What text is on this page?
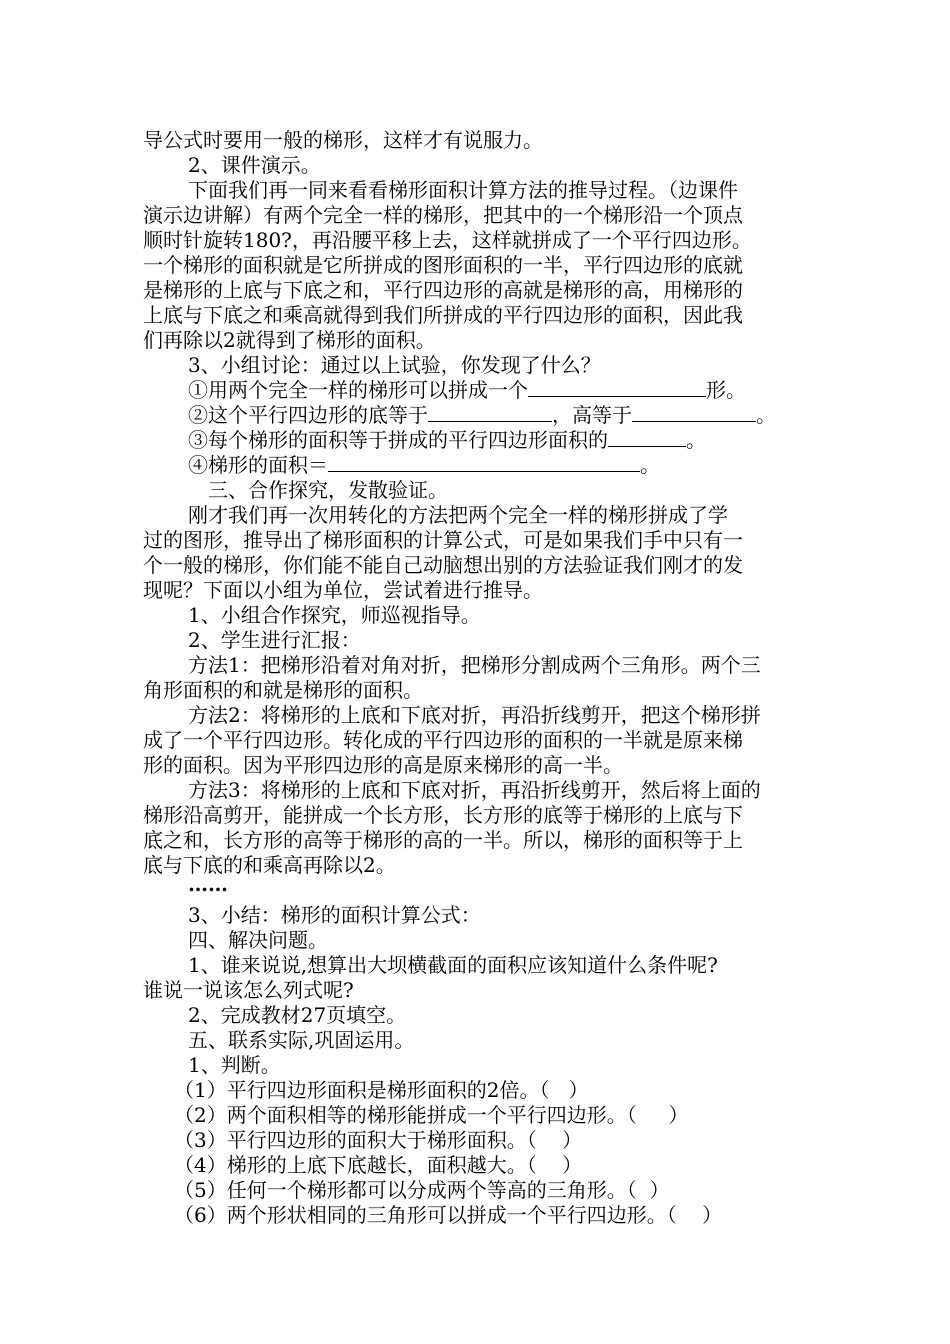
导公式时要用一般的梯形，这样才有说服力。
2、课件演示。
下面我们再一同来看看梯形面积计算方法的推导过程。（边课件
演示边讲解）有两个完全一样的梯形，把其中的一个梯形沿一个顶点
顺时针旋转180?，再沿腰平移上去，这样就拼成了一个平行四边形。
一个梯形的面积就是它所拼成的图形面积的一半，平行四边形的底就
是梯形的上底与下底之和，平行四边形的高就是梯形的高，用梯形的
上底与下底之和乘高就得到我们所拼成的平行四边形的面积，因此我
们再除以2就得到了梯形的面积。
3、小组讨论：通过以上试验，你发现了什么？
①用两个完全一样的梯形可以拼成一个	形。
②这个平行四边形的底等于	，高等于	。
③每个梯形的面积等于拼成的平行四边形面积的	。
④梯形的面积＝	。
三、合作探究，发散验证。
刚才我们再一次用转化的方法把两个完全一样的梯形拼成了学
过的图形，推导出了梯形面积的计算公式，可是如果我们手中只有一
个一般的梯形，你们能不能自己动脑想出别的方法验证我们刚才的发
现呢？下面以小组为单位，尝试着进行推导。
1、小组合作探究，师巡视指导。
2、学生进行汇报：
方法1：把梯形沿着对角对折，把梯形分割成两个三角形。两个三
角形面积的和就是梯形的面积。
方法2：将梯形的上底和下底对折，再沿折线剪开，把这个梯形拼
成了一个平行四边形。转化成的平行四边形的面积的一半就是原来梯
形的面积。因为平形四边形的高是原来梯形的高一半。
方法3：将梯形的上底和下底对折，再沿折线剪开，然后将上面的
梯形沿高剪开，能拼成一个长方形，长方形的底等于梯形的上底与下
底之和，长方形的高等于梯形的高的一半。所以，梯形的面积等于上
底与下底的和乘高再除以2。
……
3、小结：梯形的面积计算公式：
四、解决问题。
1、谁来说说,想算出大坝横截面的面积应该知道什么条件呢?
谁说一说该怎么列式呢?
2、完成教材27页填空。
五、联系实际,巩固运用。
1、判断。
（1）平行四边形面积是梯形面积的2倍。（   ）
（2）两个面积相等的梯形能拼成一个平行四边形。（     ）
（3）平行四边形的面积大于梯形面积。（    ）
（4）梯形的上底下底越长，面积越大。（    ）
（5）任何一个梯形都可以分成两个等高的三角形。（  ）
（6）两个形状相同的三角形可以拼成一个平行四边形。（    ）
